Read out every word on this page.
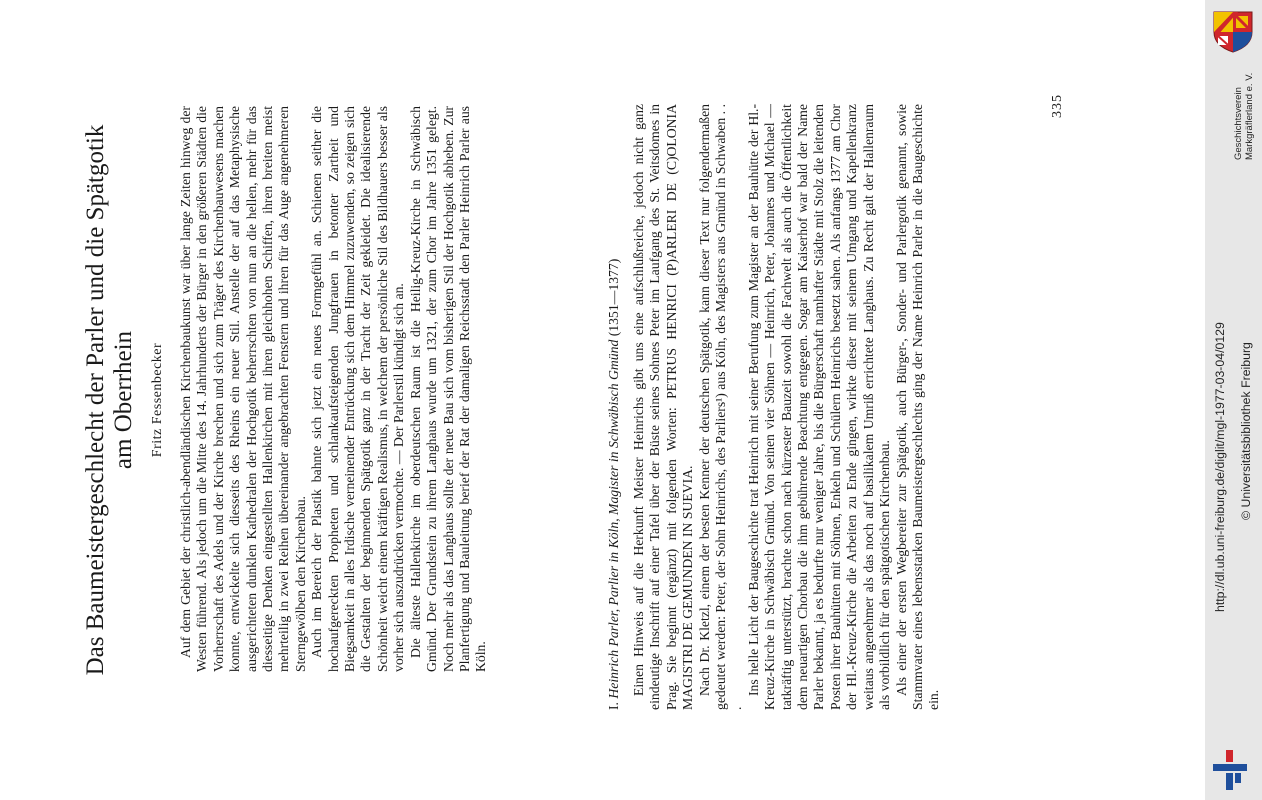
Das Baumeistergeschlecht der Parler und die Spätgotik am Oberrhein Fritz Fessenbecker Auf dem Gebiet der christlich-abendländischen Kirchenbaukunst war über lange Zeiten hinweg der Westen führend. Als jedoch um die Mitte des 14. Jahrhunderts der Bürger in den größeren Städten die Vorherrschaft des Adels und der Kirche brechen und sich zum Träger des Kirchenbauwesens machen konnte, entwickelte sich diesseits des Rheins ein neuer Stil. Anstelle der auf das Metaphysische ausgerichteten dunklen Kathedralen der Hochgotik beherrschten von nun an die hellen, mehr für das diesseitige Denken eingestellten Hallenkirchen mit ihren gleichhohen Schiffen, ihren breiten meist mehrteilig in zwei Reihen übereinander angebrachten Fenstern und ihren für das Auge angenehmeren Sterngewölben den Kirchenbau. Auch im Bereich der Plastik bahnte sich jetzt ein neues Formgefühl an. Schienen seither die hochaufgereckten Propheten und schlankaufsteigenden Jungfrauen in betonter Zartheit und Biegsamkeit in alles Irdische verneinender Entrückung sich dem Himmel zuzuwenden, so zeigen sich die Gestalten der beginnenden Spätgotik ganz in der Tracht der Zeit gekleidet. Die idealisierende Schönheit weicht einem kräftigen Realismus, in welchem der persönliche Stil des Bildhauers besser als vorher sich auszudrücken vermochte. — Der Parlerstil kündigt sich an. Die älteste Hallenkirche im oberdeutschen Raum ist die Heilig-Kreuz-Kirche in Schwäbisch Gmünd. Der Grundstein zu ihrem Langhaus wurde um 1321, der zum Chor im Jahre 1351 gelegt. Noch mehr als das Langhaus sollte der neue Bau sich vom bisherigen Stil der Hochgotik abheben. Zur Planfertigung und Bauleitung berief der Rat der damaligen Reichsstadt den Parler Heinrich Parler aus Köln.

I. Heinrich Parler, Parlier in Köln, Magister in Schwäbisch Gmünd (1351—1377) Einen Hinweis auf die Herkunft Meister Heinrichs gibt uns eine aufschlußreiche, jedoch nicht ganz eindeutige Inschrift auf einer Tafel über der Büste seines Sohnes Peter im Laufgang des St. Veitsdomes in Prag. Sie beginnt (ergänzt) mit folgenden Worten: PETRUS HENRICI (P)ARLERI DE (C)OLONIA MAGISTRI DE GEMUNDEN IN SUEVIA. Nach Dr. Kletzl, einem der besten Kenner der deutschen Spätgotik, kann dieser Text nur folgendermaßen gedeutet werden: Peter, der Sohn Heinrichs, des Parliers¹) aus Köln, des Magisters aus Gmünd in Schwaben . . .

Ins helle Licht der Baugeschichte trat Heinrich mit seiner Berufung zum Magister an der Bauhütte der Hl.-Kreuz-Kirche in Schwäbisch Gmünd. Von seinen vier Söhnen — Heinrich, Peter, Johannes und Michael — tatkräftig unterstützt, brachte schon nach kürzester Bauzeit sowohl die Fachwelt als auch die Öffentlichkeit dem neuartigen Chorbau die ihm gebührende Beachtung entgegen. Sogar am Kaiserhof war bald der Name Parler bekannt, ja es bedurfte nur weniger Jahre, bis die Bürgerschaft namhafter Städte mit Stolz die leitenden Posten ihrer Bauhütten mit Söhnen, Enkeln und Schülern Heinrichs besetzt sahen. Als anfangs 1377 am Chor der Hl.-Kreuz-Kirche die Arbeiten zu Ende gingen, wirkte dieser mit seinem Umgang und Kapellenkranz weitaus angenehmer als das noch auf basilikalem Umriß errichtete Langhaus. Zu Recht galt der Hallenraum als vorbildlich für den spätgotischen Kirchenbau. Als einer der ersten Wegbereiter zur Spätgotik, auch Bürger-, Sonder- und Parlergotik genannt, sowie Stammvater eines lebensstarken Baumeistergeschlechts ging der Name Heinrich Parler in die Baugeschichte ein.

335	Geschichtsverein Markgräflerland e. V.
http://dl.ub.uni-freiburg.de/diglit/mgl-1977-03-04/0129 © Universitätsbibliothek Freiburg
